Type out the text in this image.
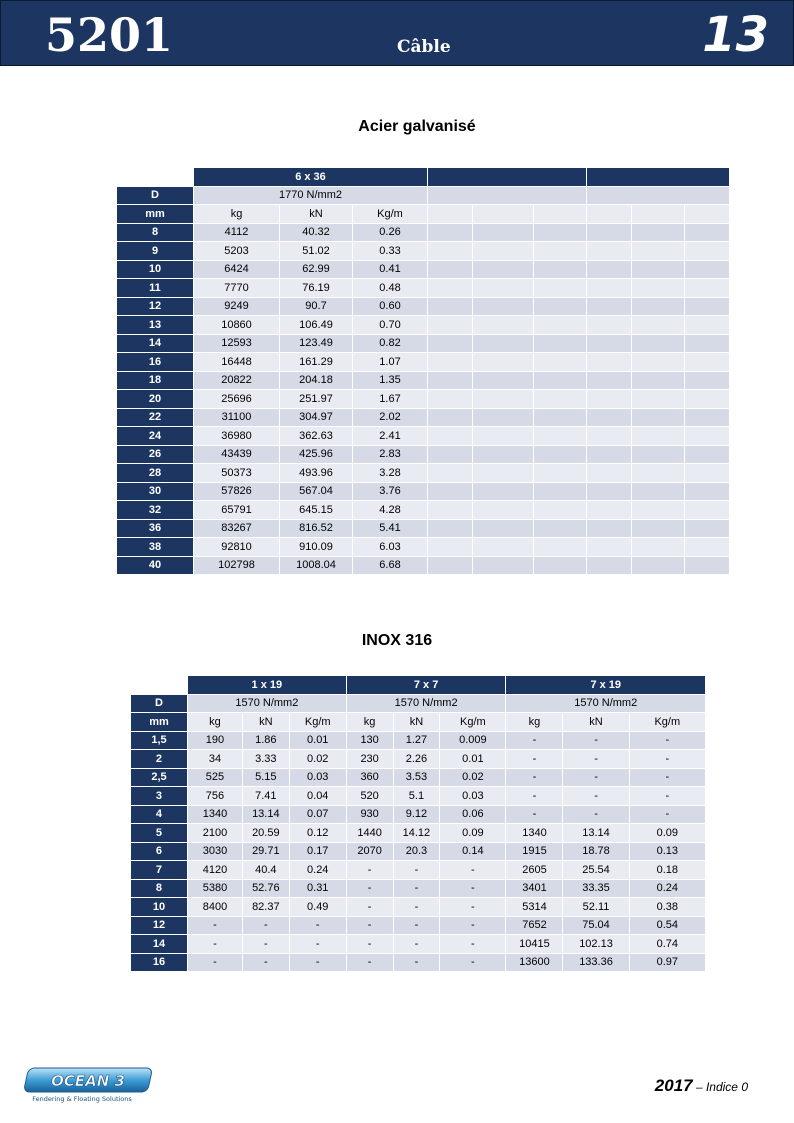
5201	Câble	13
Acier galvanisé
	6 x 36								
D	1770 N/mm2								
mm	kg	kN	Kg/m						
8	4112	40.32	0.26						
9	5203	51.02	0.33						
10	6424	62.99	0.41						
11	7770	76.19	0.48						
12	9249	90.7	0.60						
13	10860	106.49	0.70						
14	12593	123.49	0.82						
16	16448	161.29	1.07						
18	20822	204.18	1.35						
20	25696	251.97	1.67						
22	31100	304.97	2.02						
24	36980	362.63	2.41						
26	43439	425.96	2.83						
28	50373	493.96	3.28						
30	57826	567.04	3.76						
32	65791	645.15	4.28						
36	83267	816.52	5.41						
38	92810	910.09	6.03						
40	102798	1008.04	6.68						
INOX 316
	1 x 19			7 x 7			7 x 19		
D	1570 N/mm2			1570 N/mm2			1570 N/mm2		
mm	kg	kN	Kg/m	kg	kN	Kg/m	kg	kN	Kg/m
1,5	190	1.86	0.01	130	1.27	0.009	-	-	-
2	34	3.33	0.02	230	2.26	0.01	-	-	-
2,5	525	5.15	0.03	360	3.53	0.02	-	-	-
3	756	7.41	0.04	520	5.1	0.03	-	-	-
4	1340	13.14	0.07	930	9.12	0.06	-	-	-
5	2100	20.59	0.12	1440	14.12	0.09	1340	13.14	0.09
6	3030	29.71	0.17	2070	20.3	0.14	1915	18.78	0.13
7	4120	40.4	0.24	-	-	-	2605	25.54	0.18
8	5380	52.76	0.31	-	-	-	3401	33.35	0.24
10	8400	82.37	0.49	-	-	-	5314	52.11	0.38
12	-	-	-	-	-	-	7652	75.04	0.54
14	-	-	-	-	-	-	10415	102.13	0.74
16	-	-	-	-	-	-	13600	133.36	0.97
OCEAN 3
Fendering & Floating Solutions
2017 – Indice 0
